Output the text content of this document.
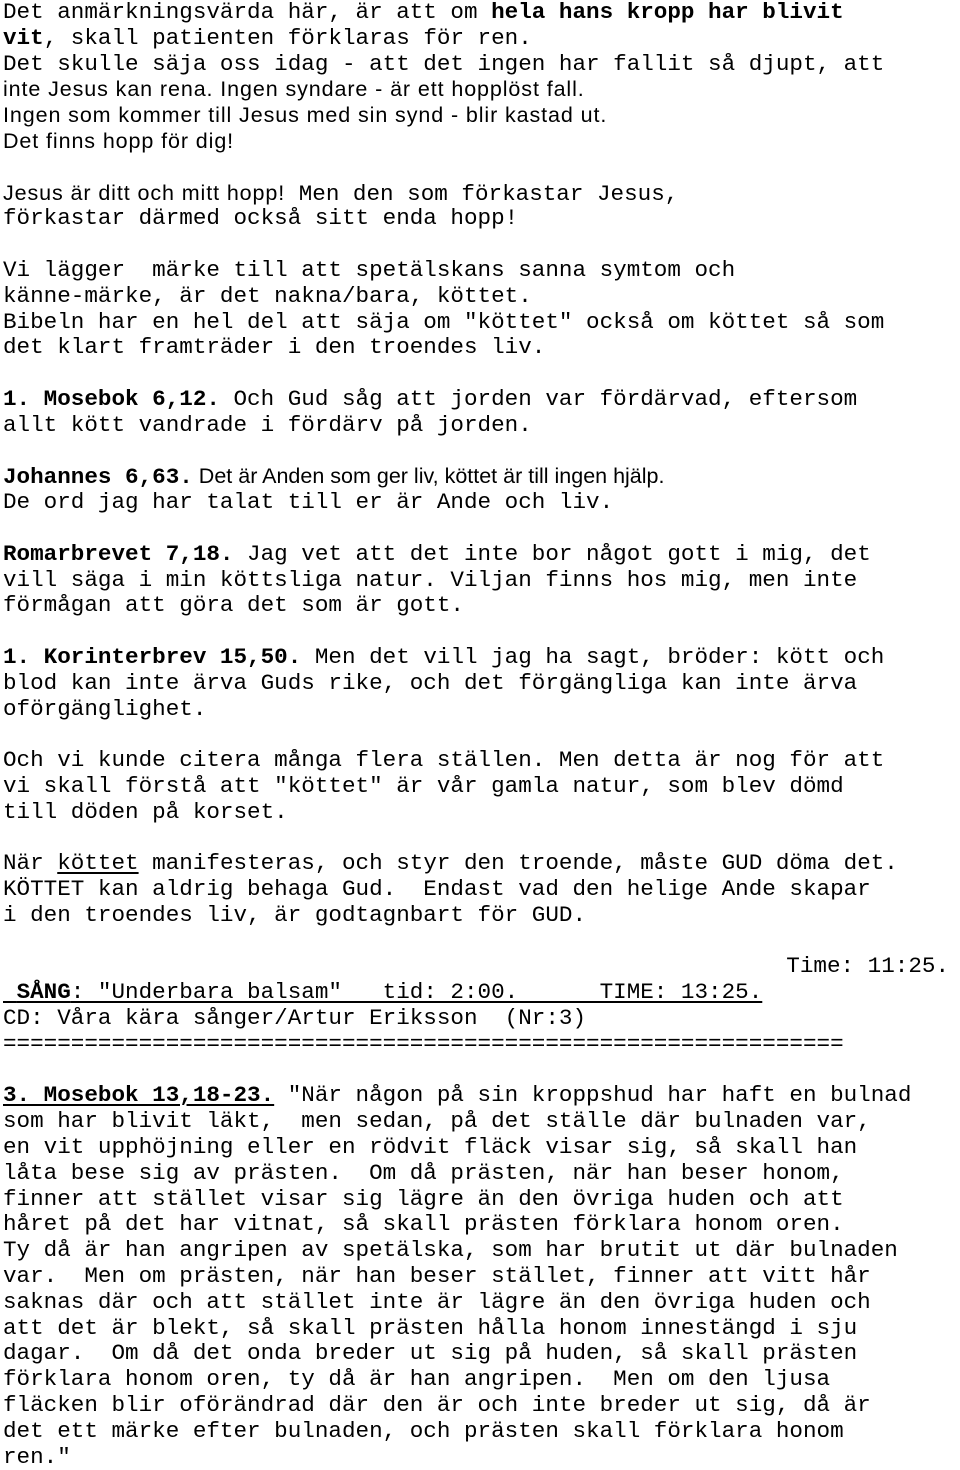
Det anmärkningsvärda här, är att om hela hans kropp har blivit
vit, skall patienten förklaras för ren.
Det skulle säja oss idag - att det ingen har fallit så djupt, att
inte Jesus kan rena. Ingen syndare - är ett hopplöst fall.
Ingen som kommer till Jesus med sin synd - blir kastad ut.
Det finns hopp för dig!
Jesus är ditt och mitt hopp! Men den som förkastar Jesus,
förkastar därmed också sitt enda hopp!
Vi lägger  märke till att spetälskans sanna symtom och
känne-märke, är det nakna/bara, köttet.
Bibeln har en hel del att säja om "köttet" också om köttet så som
det klart framträder i den troendes liv.
1. Mosebok 6,12. Och Gud såg att jorden var fördärvad, eftersom
allt kött vandrade i fördärv på jorden.
Johannes 6,63. Det är Anden som ger liv, köttet är till ingen hjälp.
De ord jag har talat till er är Ande och liv.
Romarbrevet 7,18. Jag vet att det inte bor något gott i mig, det
vill säga i min köttsliga natur. Viljan finns hos mig, men inte
förmågan att göra det som är gott.
1. Korinterbrev 15,50. Men det vill jag ha sagt, bröder: kött och
blod kan inte ärva Guds rike, och det förgängliga kan inte ärva
oförgänglighet.
Och vi kunde citera många flera ställen. Men detta är nog för att
vi skall förstå att "köttet" är vår gamla natur, som blev dömd
till döden på korset.
När köttet manifesteras, och styr den troende, måste GUD döma det.
KÖTTET kan aldrig behaga Gud.  Endast vad den helige Ande skapar
i den troendes liv, är godtagnbart för GUD.
Time: 11:25.
SÅNG: "Underbara balsam"   tid: 2:00.      TIME: 13:25.
CD: Våra kära sånger/Artur Eriksson  (Nr:3)
==============================================================
3. Mosebok 13,18-23. "När någon på sin kroppshud har haft en bulnad
som har blivit läkt,  men sedan, på det ställe där bulnaden var,
en vit upphöjning eller en rödvit fläck visar sig, så skall han
låta bese sig av prästen.  Om då prästen, när han beser honom,
finner att stället visar sig lägre än den övriga huden och att
håret på det har vitnat, så skall prästen förklara honom oren.
Ty då är han angripen av spetälska, som har brutit ut där bulnaden
var.  Men om prästen, när han beser stället, finner att vitt hår
saknas där och att stället inte är lägre än den övriga huden och
att det är blekt, så skall prästen hålla honom innestängd i sju
dagar.  Om då det onda breder ut sig på huden, så skall prästen
förklara honom oren, ty då är han angripen.  Men om den ljusa
fläcken blir oförändrad där den är och inte breder ut sig, då är
det ett märke efter bulnaden, och prästen skall förklara honom
ren."
